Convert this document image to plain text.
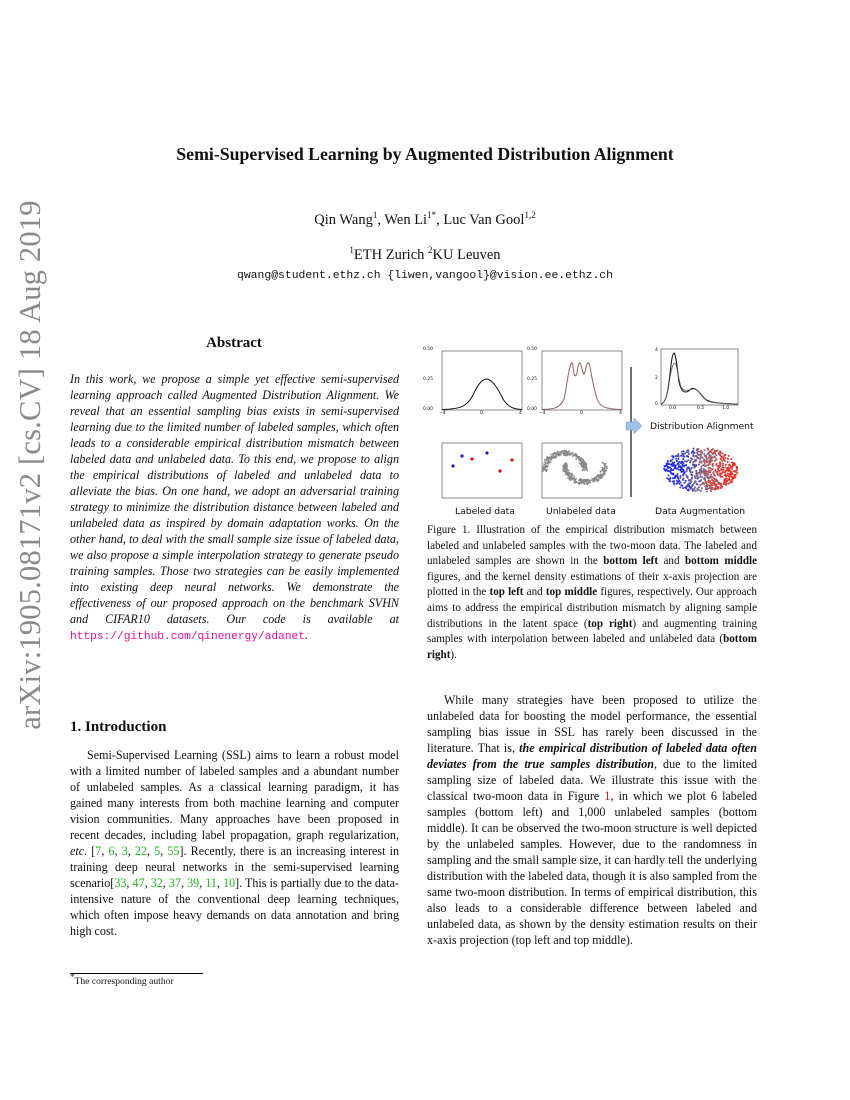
arXiv:1905.08171v2 [cs.CV] 18 Aug 2019
Semi-Supervised Learning by Augmented Distribution Alignment
Qin Wang$^1$, Wen $Li^{1*}$, Luc Van Gool$^{1,2}$
$^1$ETH Zurich $^2$KU Leuven
qwang@student.ethz.ch {liwen,vangool}@vision.ee.ethz.ch
Abstract
In this work, we propose a simple yet effective semi-supervised learning approach called Augmented Distribution Alignment. We reveal that an essential sampling bias exists in semi-supervised learning due to the limited number of labeled samples, which often leads to a considerable empirical distribution mismatch between labeled data and unlabeled data. To this end, we propose to align the empirical distributions of labeled and unlabeled data to alleviate the bias. On one hand, we adopt an adversarial training strategy to minimize the distribution distance between labeled and unlabeled data as inspired by domain adaptation works. On the other hand, to deal with the small sample size issue of labeled data, we also propose a simple interpolation strategy to generate pseudo training samples. Those two strategies can be easily implemented into existing deep neural networks. We demonstrate the effectiveness of our proposed approach on the benchmark SVHN and CIFAR10 datasets. Our code is available at https://github.com/qinenergy/adanet.
1. Introduction
Semi-Supervised Learning (SSL) aims to learn a robust model with a limited number of labeled samples and a abundant number of unlabeled samples. As a classical learning paradigm, it has gained many interests from both machine learning and computer vision communities. Many approaches have been proposed in recent decades, including label propagation, graph regularization, etc. [7, 6, 3, 22, 5, 55]. Recently, there is an increasing interest in training deep neural networks in the semi-supervised learning scenario[33, 47, 32, 37, 39, 11, 10]. This is partially due to the data-intensive nature of the conventional deep learning techniques, which often impose heavy demands on data annotation and bring high cost.
*The corresponding author
0.50
0.25
0.00
−4	0	4
0.50
0.25
0.00
−4	0	4
4
2
0
0.0	0.5	1.0
Distribution Alignment
Labeled data	Unlabeled data	Data Augmentation
Figure 1. Illustration of the empirical distribution mismatch between labeled and unlabeled samples with the two-moon data. The labeled and unlabeled samples are shown in the bottom left and bottom middle figures, and the kernel density estimations of their x-axis projection are plotted in the top left and top middle figures, respectively. Our approach aims to address the empirical distribution mismatch by aligning sample distributions in the latent space (top right) and augmenting training samples with interpolation between labeled and unlabeled data (bottom right).
While many strategies have been proposed to utilize the unlabeled data for boosting the model performance, the essential sampling bias issue in SSL has rarely been discussed in the literature. That is, the empirical distribution of labeled data often deviates from the true samples distribution, due to the limited sampling size of labeled data. We illustrate this issue with the classical two-moon data in Figure 1, in which we plot 6 labeled samples (bottom left) and 1,000 unlabeled samples (bottom middle). It can be observed the two-moon structure is well depicted by the unlabeled samples. However, due to the randomness in sampling and the small sample size, it can hardly tell the underlying distribution with the labeled data, though it is also sampled from the same two-moon distribution. In terms of empirical distribution, this also leads to a considerable difference between labeled and unlabeled data, as shown by the density estimation results on their x-axis projection (top left and top middle).
